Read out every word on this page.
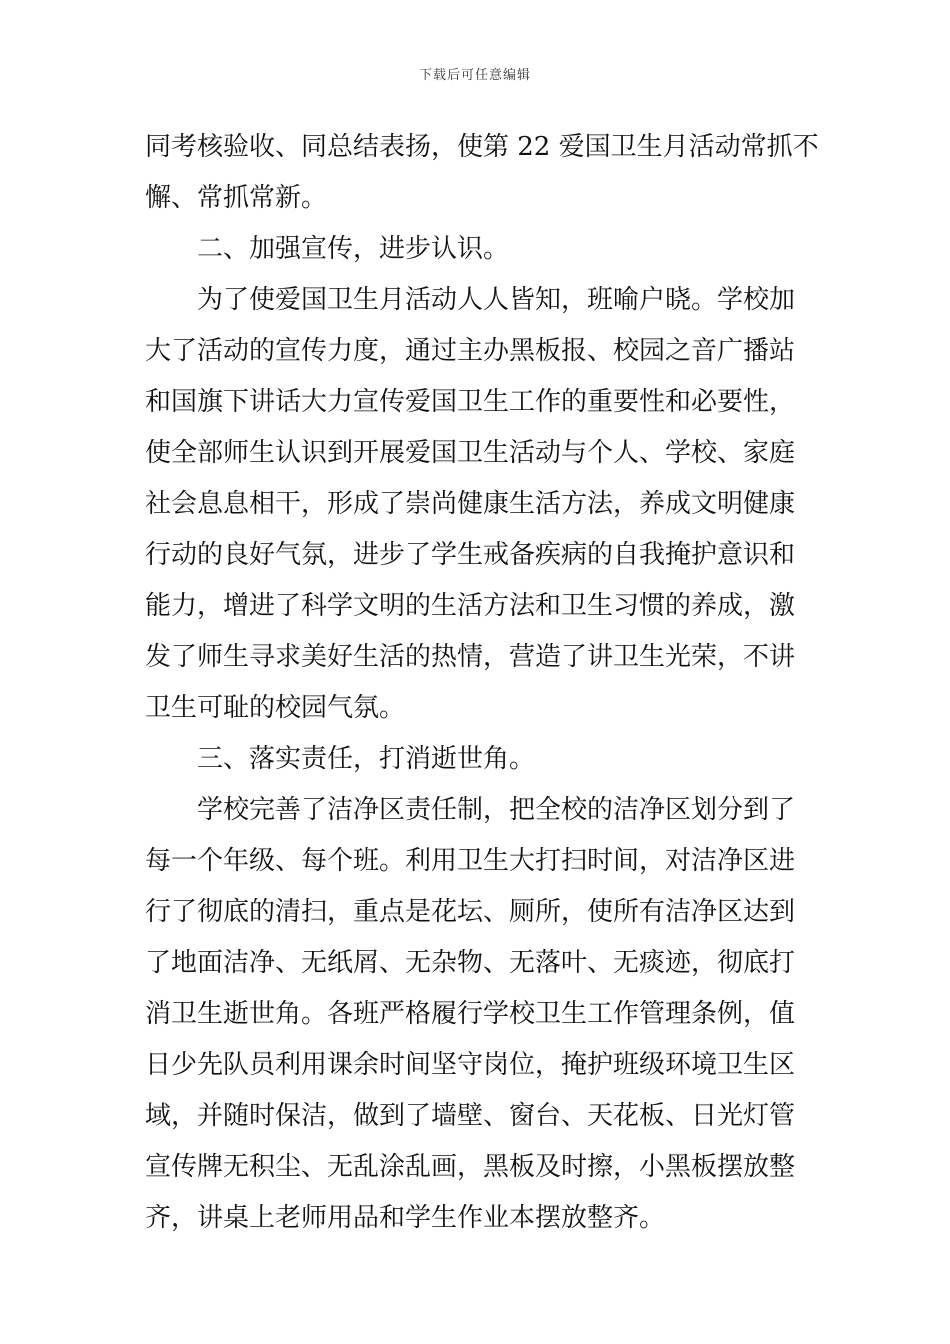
下载后可任意编辑
同考核验收、同总结表扬，使第 22 爱国卫生月活动常抓不
懈、常抓常新。
二、加强宣传，进步认识。
为了使爱国卫生月活动人人皆知，班喻户晓。学校加
大了活动的宣传力度，通过主办黑板报、校园之音广播站
和国旗下讲话大力宣传爱国卫生工作的重要性和必要性，
使全部师生认识到开展爱国卫生活动与个人、学校、家庭
社会息息相干，形成了崇尚健康生活方法，养成文明健康
行动的良好气氛，进步了学生戒备疾病的自我掩护意识和
能力，增进了科学文明的生活方法和卫生习惯的养成，激
发了师生寻求美好生活的热情，营造了讲卫生光荣，不讲
卫生可耻的校园气氛。
三、落实责任，打消逝世角。
学校完善了洁净区责任制，把全校的洁净区划分到了
每一个年级、每个班。利用卫生大打扫时间，对洁净区进
行了彻底的清扫，重点是花坛、厕所，使所有洁净区达到
了地面洁净、无纸屑、无杂物、无落叶、无痰迹，彻底打
消卫生逝世角。各班严格履行学校卫生工作管理条例，值
日少先队员利用课余时间坚守岗位，掩护班级环境卫生区
域，并随时保洁，做到了墙壁、窗台、天花板、日光灯管
宣传牌无积尘、无乱涂乱画，黑板及时擦，小黑板摆放整
齐，讲桌上老师用品和学生作业本摆放整齐。
